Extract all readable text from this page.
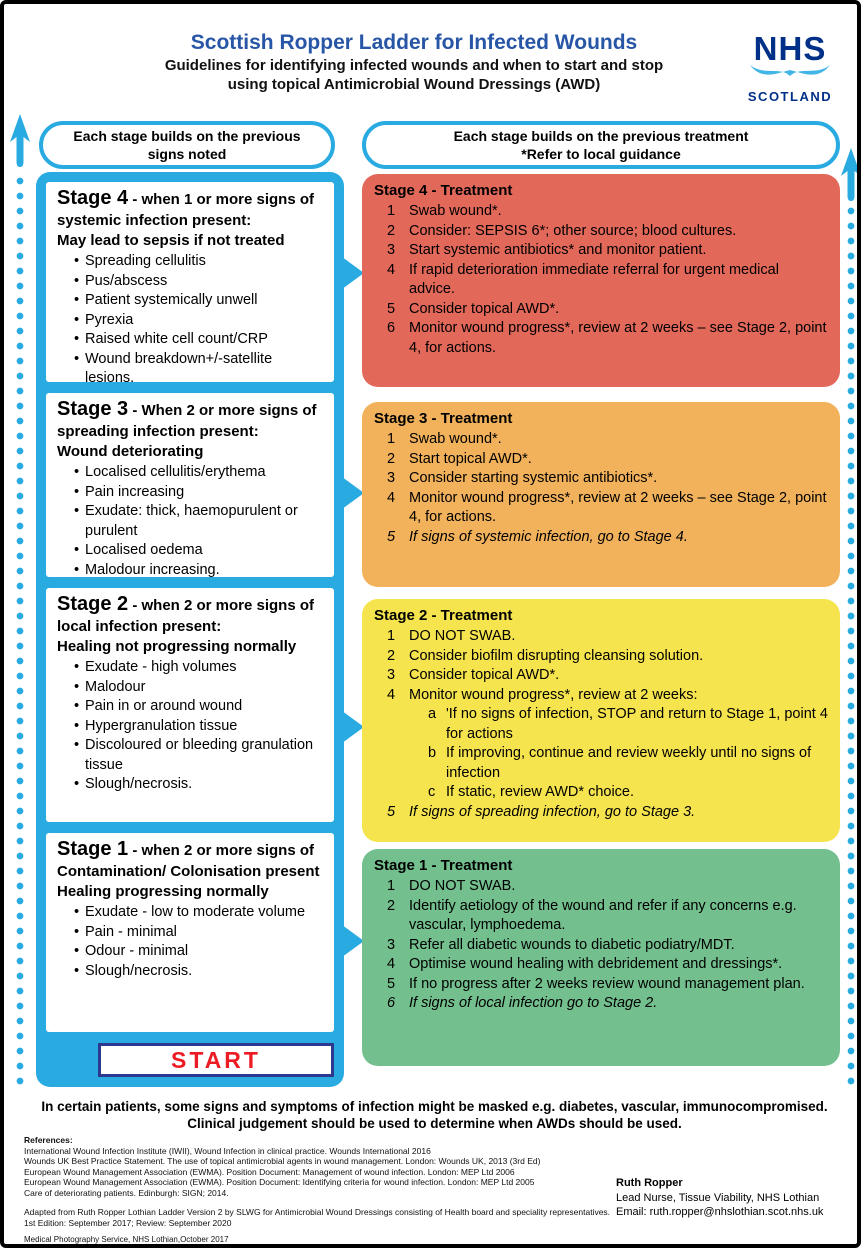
Scottish Ropper Ladder for Infected Wounds
Guidelines for identifying infected wounds and when to start and stop
using topical Antimicrobial Wound Dressings (AWD)
NHS
SCOTLAND
Each stage builds on the previous signs noted
Each stage builds on the previous treatment
*Refer to local guidance
Stage 4 - when 1 or more signs of systemic infection present:
May lead to sepsis if not treated
• Spreading cellulitis
• Pus/abscess
• Patient systemically unwell
• Pyrexia
• Raised white cell count/CRP
• Wound breakdown+/-satellite lesions.
Stage 3 - When 2 or more signs of spreading infection present:
Wound deteriorating
• Localised cellulitis/erythema
• Pain increasing
• Exudate: thick, haemopurulent or purulent
• Localised oedema
• Malodour increasing.
Stage 2 - when 2 or more signs of local infection present:
Healing not progressing normally
• Exudate - high volumes
• Malodour
• Pain in or around wound
• Hypergranulation tissue
• Discoloured or bleeding granulation tissue
• Slough/necrosis.
Stage 1 - when 2 or more signs of Contamination/ Colonisation present
Healing progressing normally
• Exudate - low to moderate volume
• Pain - minimal
• Odour - minimal
• Slough/necrosis.
START
Stage 4 - Treatment
1 Swab wound*.
2 Consider: SEPSIS 6*; other source; blood cultures.
3 Start systemic antibiotics* and monitor patient.
4 If rapid deterioration immediate referral for urgent medical advice.
5 Consider topical AWD*.
6 Monitor wound progress*, review at 2 weeks – see Stage 2, point 4, for actions.
Stage 3 - Treatment
1 Swab wound*.
2 Start topical AWD*.
3 Consider starting systemic antibiotics*.
4 Monitor wound progress*, review at 2 weeks – see Stage 2, point 4, for actions.
5 If signs of systemic infection, go to Stage 4.
Stage 2 - Treatment
1 DO NOT SWAB.
2 Consider biofilm disrupting cleansing solution.
3 Consider topical AWD*.
4 Monitor wound progress*, review at 2 weeks:
a 'If no signs of infection, STOP and return to Stage 1, point 4 for actions
b If improving, continue and review weekly until no signs of infection
c If static, review AWD* choice.
5 If signs of spreading infection, go to Stage 3.
Stage 1 - Treatment
1 DO NOT SWAB.
2 Identify aetiology of the wound and refer if any concerns e.g. vascular, lymphoedema.
3 Refer all diabetic wounds to diabetic podiatry/MDT.
4 Optimise wound healing with debridement and dressings*.
5 If no progress after 2 weeks review wound management plan.
6 If signs of local infection go to Stage 2.
In certain patients, some signs and symptoms of infection might be masked e.g. diabetes, vascular, immunocompromised. Clinical judgement should be used to determine when AWDs should be used.
References:
International Wound Infection Institute (IWII), Wound Infection in clinical practice. Wounds International 2016
Wounds UK Best Practice Statement. The use of topical antimicrobial agents in wound management. London: Wounds UK, 2013 (3rd Ed)
European Wound Management Association (EWMA). Position Document: Management of wound infection. London: MEP Ltd 2006
European Wound Management Association (EWMA). Position Document: Identifying criteria for wound infection. London: MEP Ltd 2005
Care of deteriorating patients. Edinburgh: SIGN; 2014.
Adapted from Ruth Ropper Lothian Ladder Version 2 by SLWG for Antimicrobial Wound Dressings consisting of Health board and speciality representatives.
1st Edition: September 2017; Review: September 2020
Medical Photography Service, NHS Lothian,October 2017
Ruth Ropper
Lead Nurse, Tissue Viability, NHS Lothian
Email: ruth.ropper@nhslothian.scot.nhs.uk
